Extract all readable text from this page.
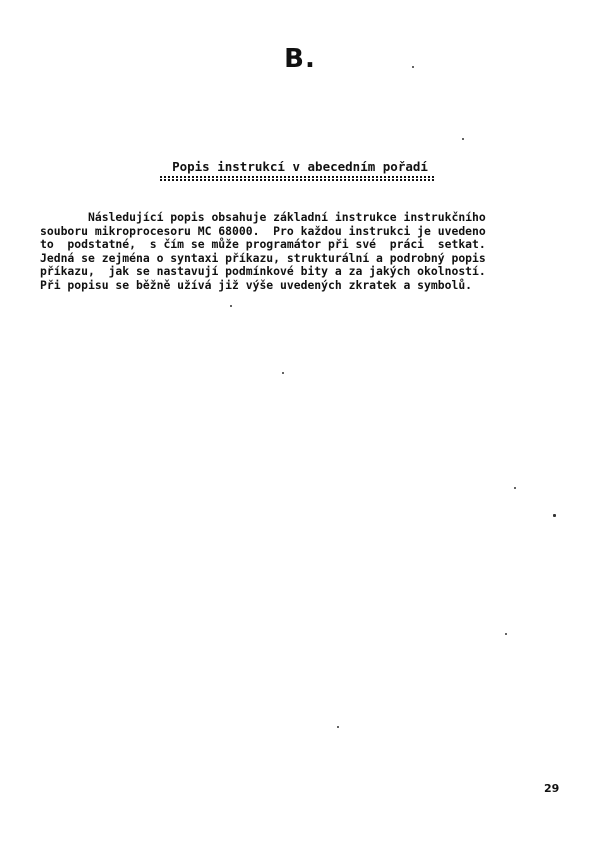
B.
Popis instrukcí v abecedním pořadí
Následující popis obsahuje základní instrukce instrukčního
souboru mikroprocesoru MC 68000.  Pro každou instrukci je uvedeno
to  podstatné,  s čím se může programátor při své  práci  setkat.
Jedná se zejména o syntaxi příkazu, strukturální a podrobný popis
příkazu,  jak se nastavují podmínkové bity a za jakých okolností.
Při popisu se běžně užívá již výše uvedených zkratek a symbolů.
29
